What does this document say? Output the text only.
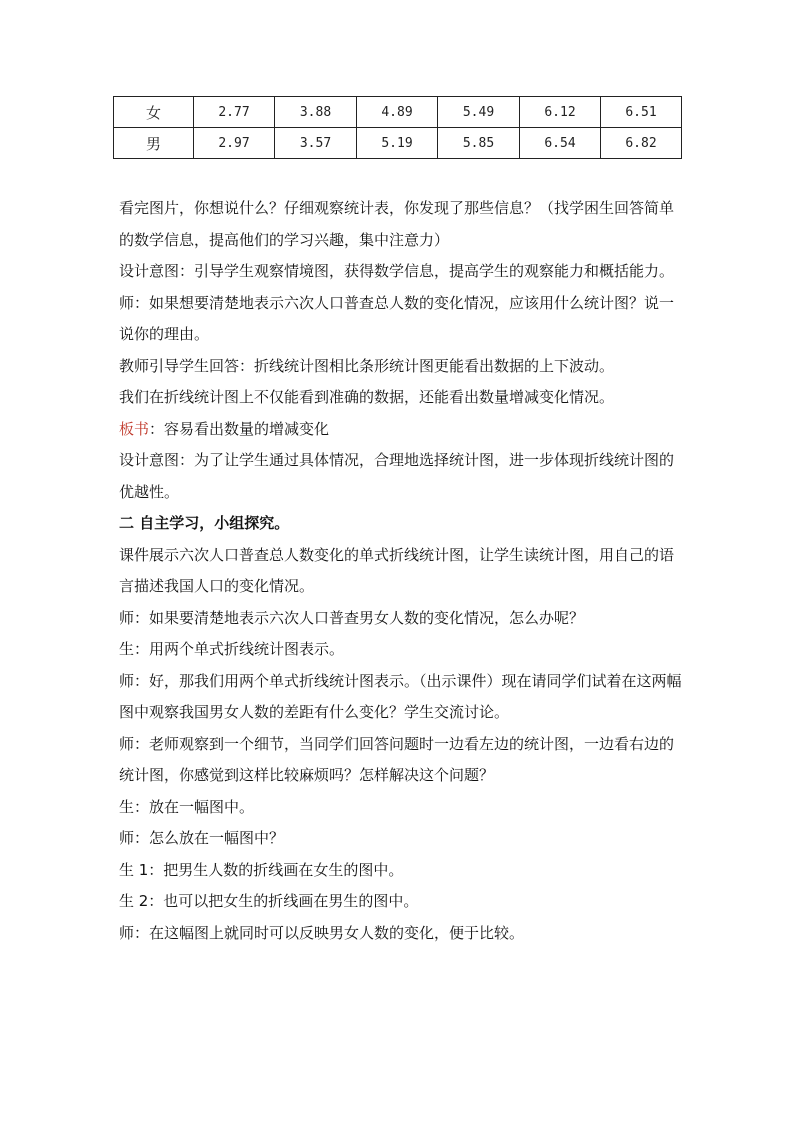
女	2.77	3.88	4.89	5.49	6.12	6.51
男	2.97	3.57	5.19	5.85	6.54	6.82

看完图片，你想说什么？仔细观察统计表，你发现了那些信息？（找学困生回答简单的数学信息，提高他们的学习兴趣，集中注意力）

设计意图：引导学生观察情境图，获得数学信息，提高学生的观察能力和概括能力。

师：如果想要清楚地表示六次人口普查总人数的变化情况，应该用什么统计图？说一说你的理由。

教师引导学生回答：折线统计图相比条形统计图更能看出数据的上下波动。

我们在折线统计图上不仅能看到准确的数据，还能看出数量增减变化情况。

板书：容易看出数量的增减变化

设计意图：为了让学生通过具体情况，合理地选择统计图，进一步体现折线统计图的优越性。

二 自主学习，小组探究。

课件展示六次人口普查总人数变化的单式折线统计图，让学生读统计图，用自己的语言描述我国人口的变化情况。

师：如果要清楚地表示六次人口普查男女人数的变化情况，怎么办呢？

生：用两个单式折线统计图表示。

师：好，那我们用两个单式折线统计图表示。（出示课件）现在请同学们试着在这两幅图中观察我国男女人数的差距有什么变化？学生交流讨论。

师：老师观察到一个细节，当同学们回答问题时一边看左边的统计图，一边看右边的统计图，你感觉到这样比较麻烦吗？怎样解决这个问题？

生：放在一幅图中。

师：怎么放在一幅图中？

生 1：把男生人数的折线画在女生的图中。

生 2：也可以把女生的折线画在男生的图中。

师：在这幅图上就同时可以反映男女人数的变化，便于比较。
